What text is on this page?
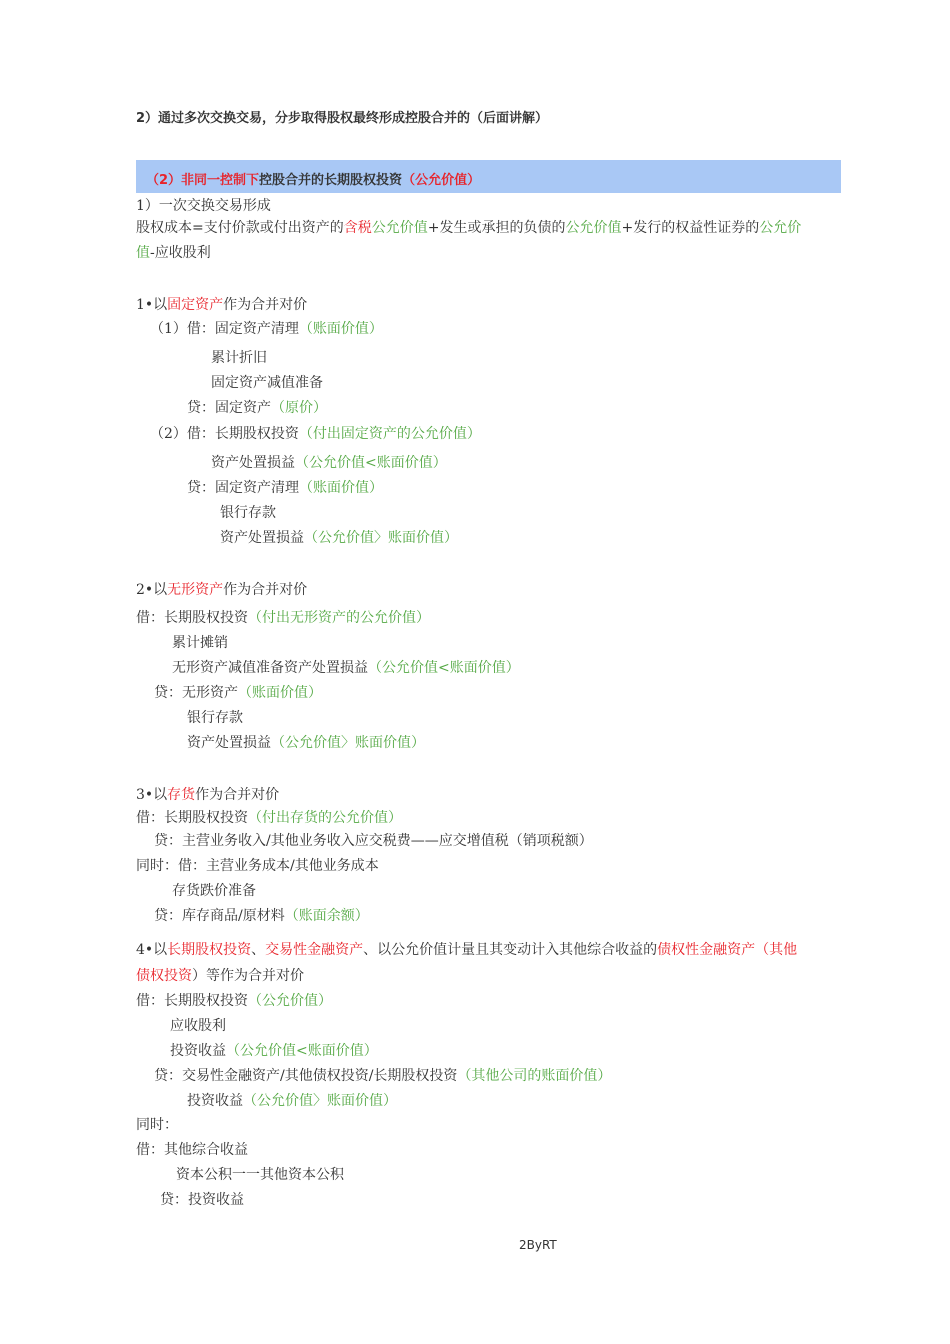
2）通过多次交换交易，分步取得股权最终形成控股合并的（后面讲解）
（2）非同一控制下控股合并的长期股权投资（公允价值）
1）一次交换交易形成
股权成本=支付价款或付出资产的含税公允价值+发生或承担的负债的公允价值+发行的权益性证券的公允价
值-应收股利
1•以固定资产作为合并对价
（1）借：固定资产清理（账面价值）
累计折旧
固定资产减值准备
贷：固定资产（原价）
（2）借：长期股权投资（付出固定资产的公允价值）
资产处置损益（公允价值<账面价值）
贷：固定资产清理（账面价值）
银行存款
资产处置损益（公允价值〉账面价值）
2•以无形资产作为合并对价
借：长期股权投资（付出无形资产的公允价值）
累计摊销
无形资产减值准备资产处置损益（公允价值<账面价值）
贷：无形资产（账面价值）
银行存款
资产处置损益（公允价值〉账面价值）
3•以存货作为合并对价
借：长期股权投资（付出存货的公允价值）
贷：主营业务收入/其他业务收入应交税费——应交增值税（销项税额）
同时：借：主营业务成本/其他业务成本
存货跌价准备
贷：库存商品/原材料（账面余额）
4•以长期股权投资、交易性金融资产、以公允价值计量且其变动计入其他综合收益的债权性金融资产（其他
债权投资）等作为合并对价
借：长期股权投资（公允价值）
应收股利
投资收益（公允价值<账面价值）
贷：交易性金融资产/其他债权投资/长期股权投资（其他公司的账面价值）
投资收益（公允价值〉账面价值）
同时：
借：其他综合收益
资本公积一一其他资本公积
贷：投资收益
2ByRT
